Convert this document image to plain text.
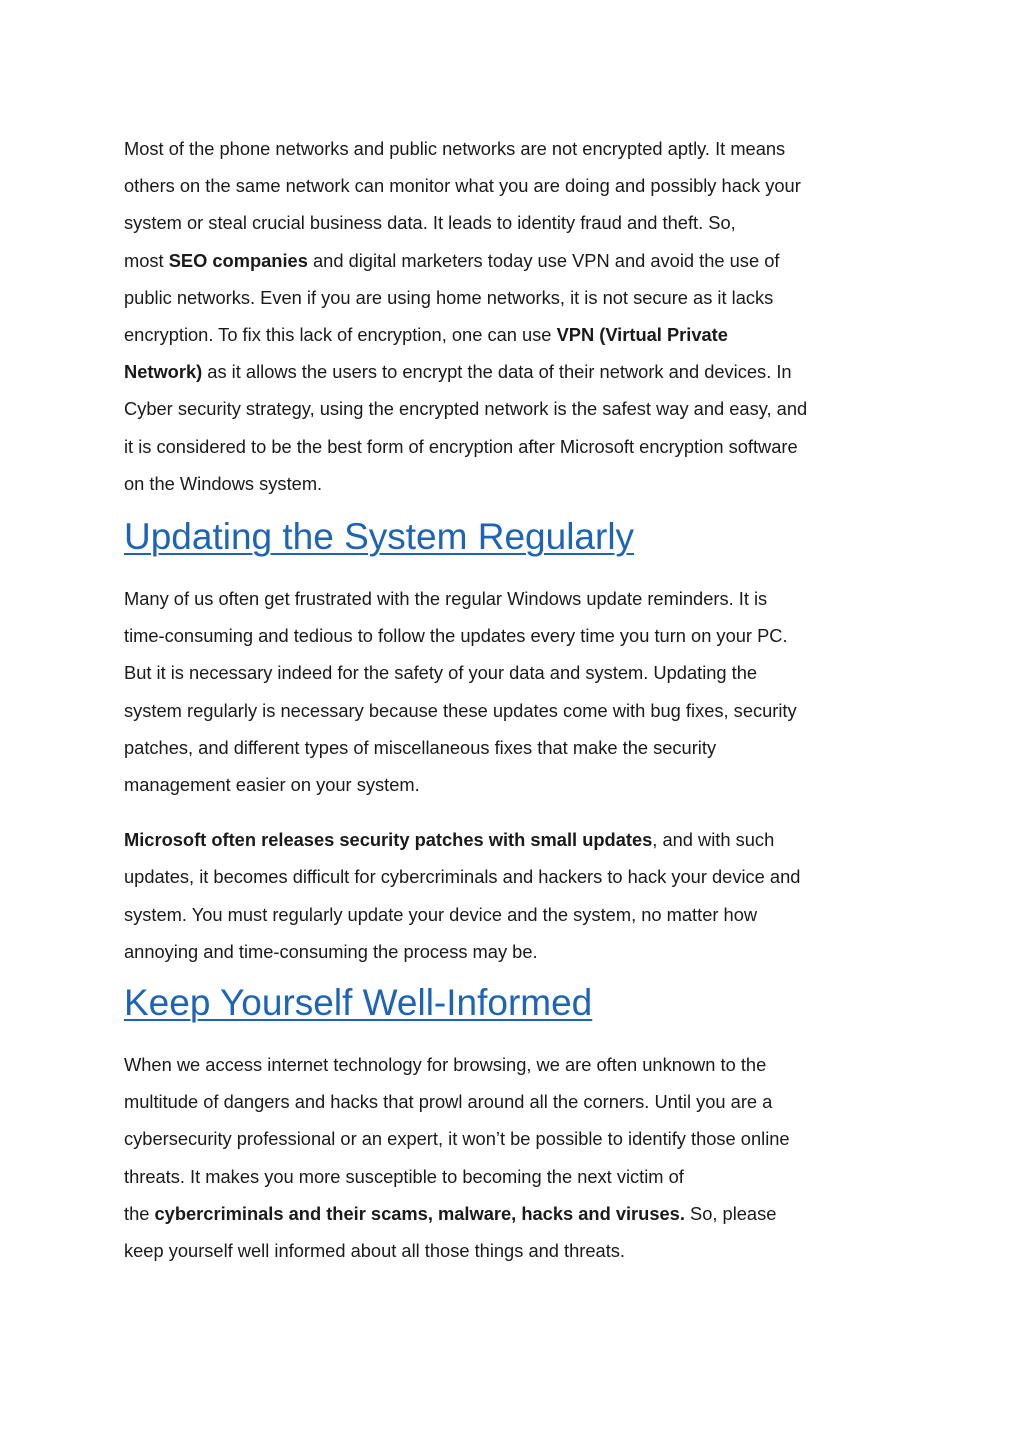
Most of the phone networks and public networks are not encrypted aptly. It means
others on the same network can monitor what you are doing and possibly hack your
system or steal crucial business data. It leads to identity fraud and theft. So,
most SEO companies and digital marketers today use VPN and avoid the use of
public networks. Even if you are using home networks, it is not secure as it lacks
encryption. To fix this lack of encryption, one can use VPN (Virtual Private
Network) as it allows the users to encrypt the data of their network and devices. In
Cyber security strategy, using the encrypted network is the safest way and easy, and
it is considered to be the best form of encryption after Microsoft encryption software
on the Windows system.

Updating the System Regularly

Many of us often get frustrated with the regular Windows update reminders. It is
time-consuming and tedious to follow the updates every time you turn on your PC.
But it is necessary indeed for the safety of your data and system. Updating the
system regularly is necessary because these updates come with bug fixes, security
patches, and different types of miscellaneous fixes that make the security
management easier on your system.

Microsoft often releases security patches with small updates, and with such
updates, it becomes difficult for cybercriminals and hackers to hack your device and
system. You must regularly update your device and the system, no matter how
annoying and time-consuming the process may be.

Keep Yourself Well-Informed

When we access internet technology for browsing, we are often unknown to the
multitude of dangers and hacks that prowl around all the corners. Until you are a
cybersecurity professional or an expert, it won’t be possible to identify those online
threats. It makes you more susceptible to becoming the next victim of
the cybercriminals and their scams, malware, hacks and viruses. So, please
keep yourself well informed about all those things and threats.
